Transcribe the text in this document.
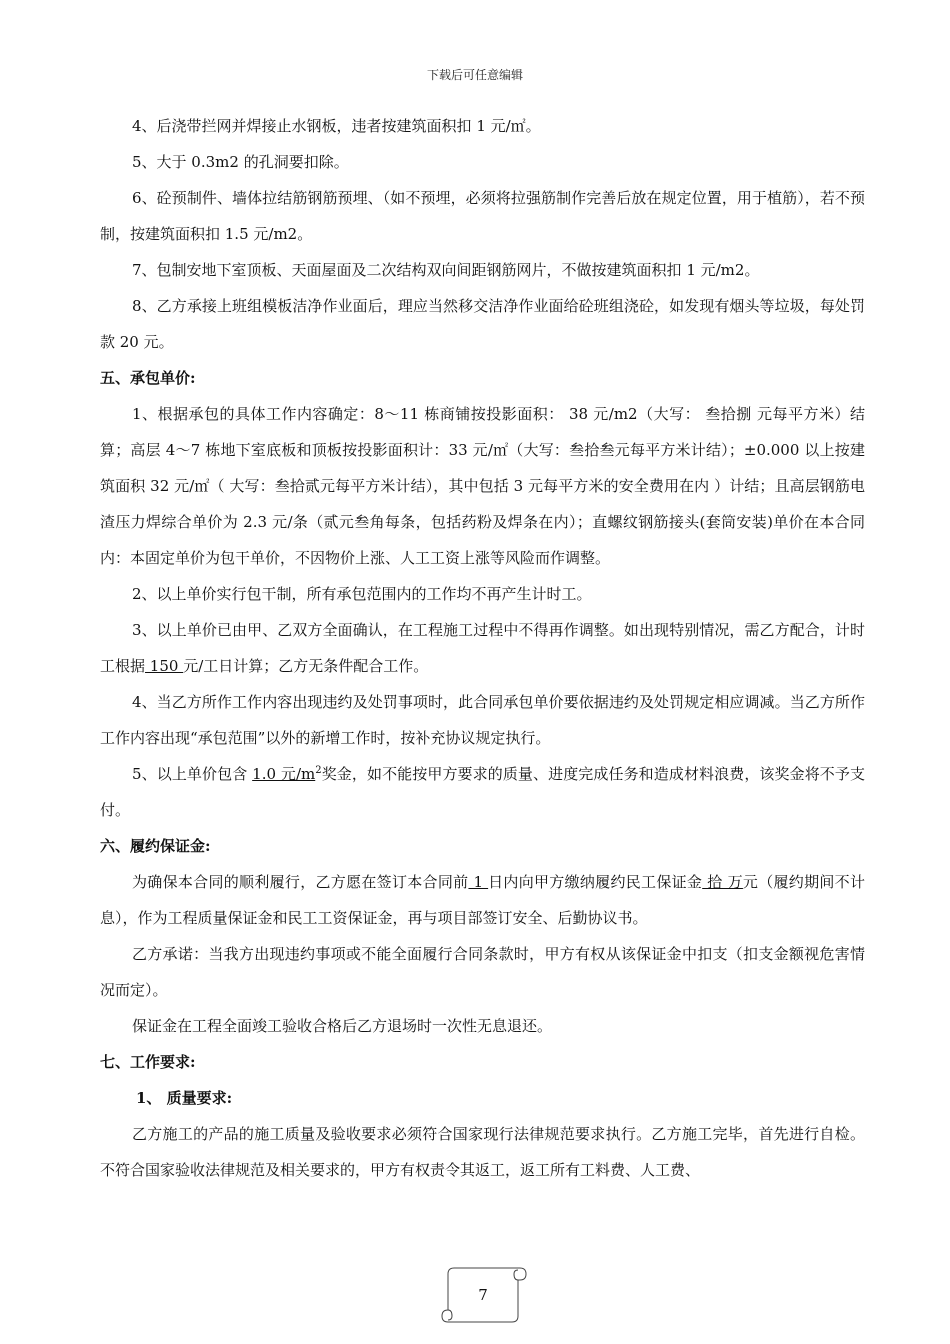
下载后可任意编辑

4、后浇带拦网并焊接止水钢板，违者按建筑面积扣 1 元/㎡。

5、大于 0.3m2 的孔洞要扣除。

6、砼预制件、墙体拉结筋钢筋预埋、（如不预埋，必须将拉强筋制作完善后放在规定位置，用于植筋），若不预制，按建筑面积扣 1.5 元/m2。

7、包制安地下室顶板、天面屋面及二次结构双向间距钢筋网片，不做按建筑面积扣 1 元/m2。

8、乙方承接上班组模板洁净作业面后，理应当然移交洁净作业面给砼班组浇砼，如发现有烟头等垃圾，每处罚款 20 元。

五、承包单价:

1、根据承包的具体工作内容确定：8～11 栋商铺按投影面积： 38 元/m2（大写： 叁拾捌 元每平方米）结算；高层 4～7 栋地下室底板和顶板按投影面积计：33 元/㎡（大写：叁拾叁元每平方米计结）；±0.000 以上按建筑面积 32 元/㎡（ 大写：叁拾贰元每平方米计结），其中包括 3 元每平方米的安全费用在内 ）计结；且高层钢筋电渣压力焊综合单价为 2.3 元/条（贰元叁角每条，包括药粉及焊条在内）；直螺纹钢筋接头(套筒安装)单价在本合同内：本固定单价为包干单价，不因物价上涨、人工工资上涨等风险而作调整。

2、以上单价实行包干制，所有承包范围内的工作均不再产生计时工。

3、以上单价已由甲、乙双方全面确认，在工程施工过程中不得再作调整。如出现特别情况，需乙方配合，计时工根据 150 元/工日计算；乙方无条件配合工作。

4、当乙方所作工作内容出现违约及处罚事项时，此合同承包单价要依据违约及处罚规定相应调减。当乙方所作工作内容出现“承包范围”以外的新增工作时，按补充协议规定执行。

5、以上单价包含 1.0 元$/m^2$奖金，如不能按甲方要求的质量、进度完成任务和造成材料浪费，该奖金将不予支付。

六、履约保证金:

为确保本合同的顺利履行，乙方愿在签订本合同前 1 日内向甲方缴纳履约民工保证金 拾 万元（履约期间不计息），作为工程质量保证金和民工工资保证金，再与项目部签订安全、后勤协议书。

乙方承诺：当我方出现违约事项或不能全面履行合同条款时，甲方有权从该保证金中扣支（扣支金额视危害情况而定）。

保证金在工程全面竣工验收合格后乙方退场时一次性无息退还。

七、工作要求:

1、 质量要求:

乙方施工的产品的施工质量及验收要求必须符合国家现行法律规范要求执行。乙方施工完毕，首先进行自检。不符合国家验收法律规范及相关要求的，甲方有权责令其返工，返工所有工料费、人工费、

7
